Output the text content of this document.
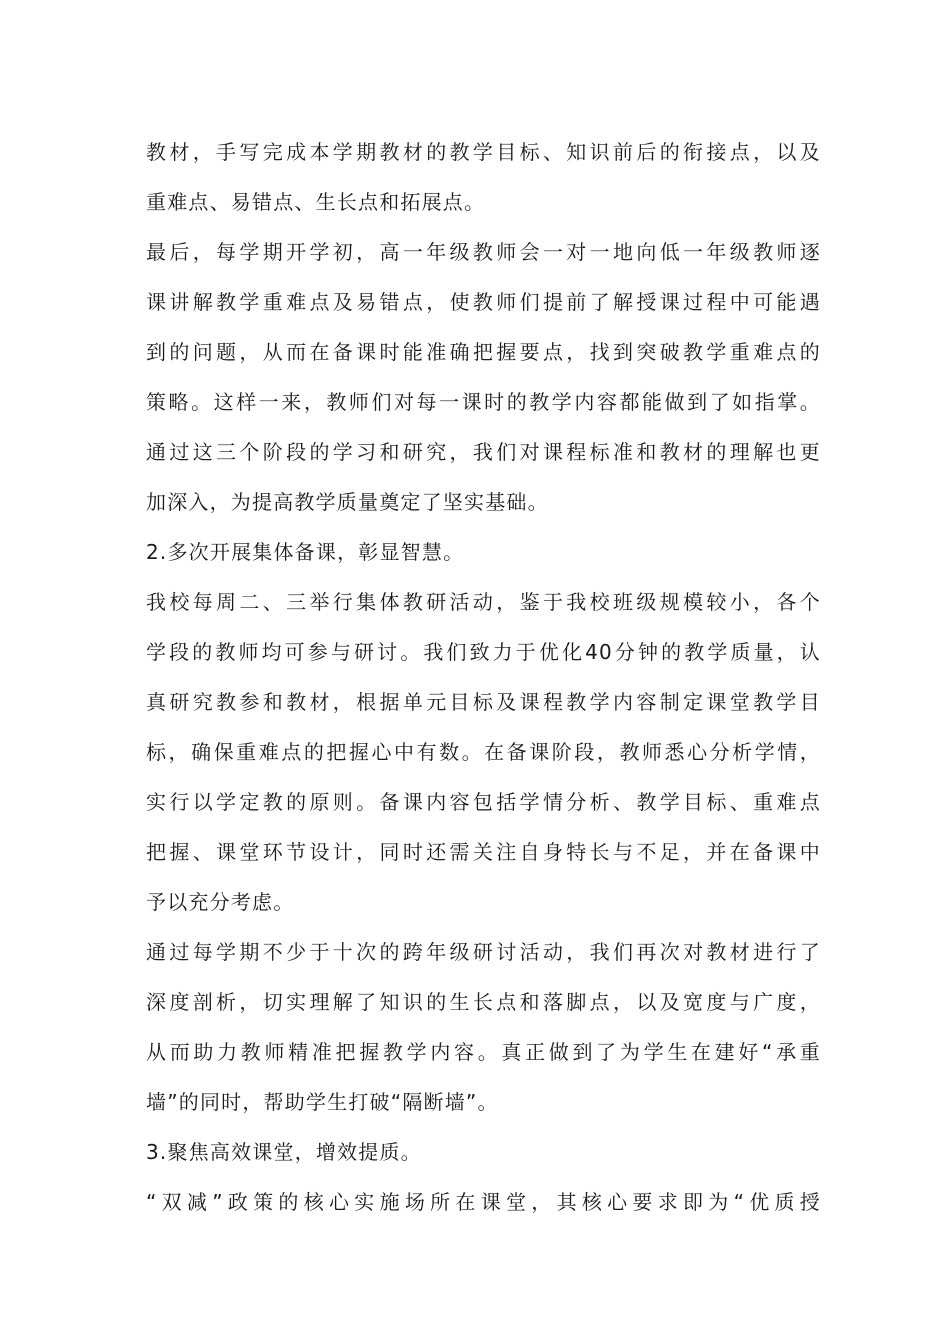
教材，手写完成本学期教材的教学目标、知识前后的衔接点，以及
重难点、易错点、生长点和拓展点。
最后，每学期开学初，高一年级教师会一对一地向低一年级教师逐
课讲解教学重难点及易错点，使教师们提前了解授课过程中可能遇
到的问题，从而在备课时能准确把握要点，找到突破教学重难点的
策略。这样一来，教师们对每一课时的教学内容都能做到了如指掌。
通过这三个阶段的学习和研究，我们对课程标准和教材的理解也更
加深入，为提高教学质量奠定了坚实基础。
2.多次开展集体备课，彰显智慧。
我校每周二、三举行集体教研活动，鉴于我校班级规模较小，各个
学段的教师均可参与研讨。我们致力于优化40分钟的教学质量，认
真研究教参和教材，根据单元目标及课程教学内容制定课堂教学目
标，确保重难点的把握心中有数。在备课阶段，教师悉心分析学情，
实行以学定教的原则。备课内容包括学情分析、教学目标、重难点
把握、课堂环节设计，同时还需关注自身特长与不足，并在备课中
予以充分考虑。
通过每学期不少于十次的跨年级研讨活动，我们再次对教材进行了
深度剖析，切实理解了知识的生长点和落脚点，以及宽度与广度，
从而助力教师精准把握教学内容。真正做到了为学生在建好“承重
墙”的同时，帮助学生打破“隔断墙”。
3.聚焦高效课堂，增效提质。
“双减”政策的核心实施场所在课堂，其核心要求即为“优质授
